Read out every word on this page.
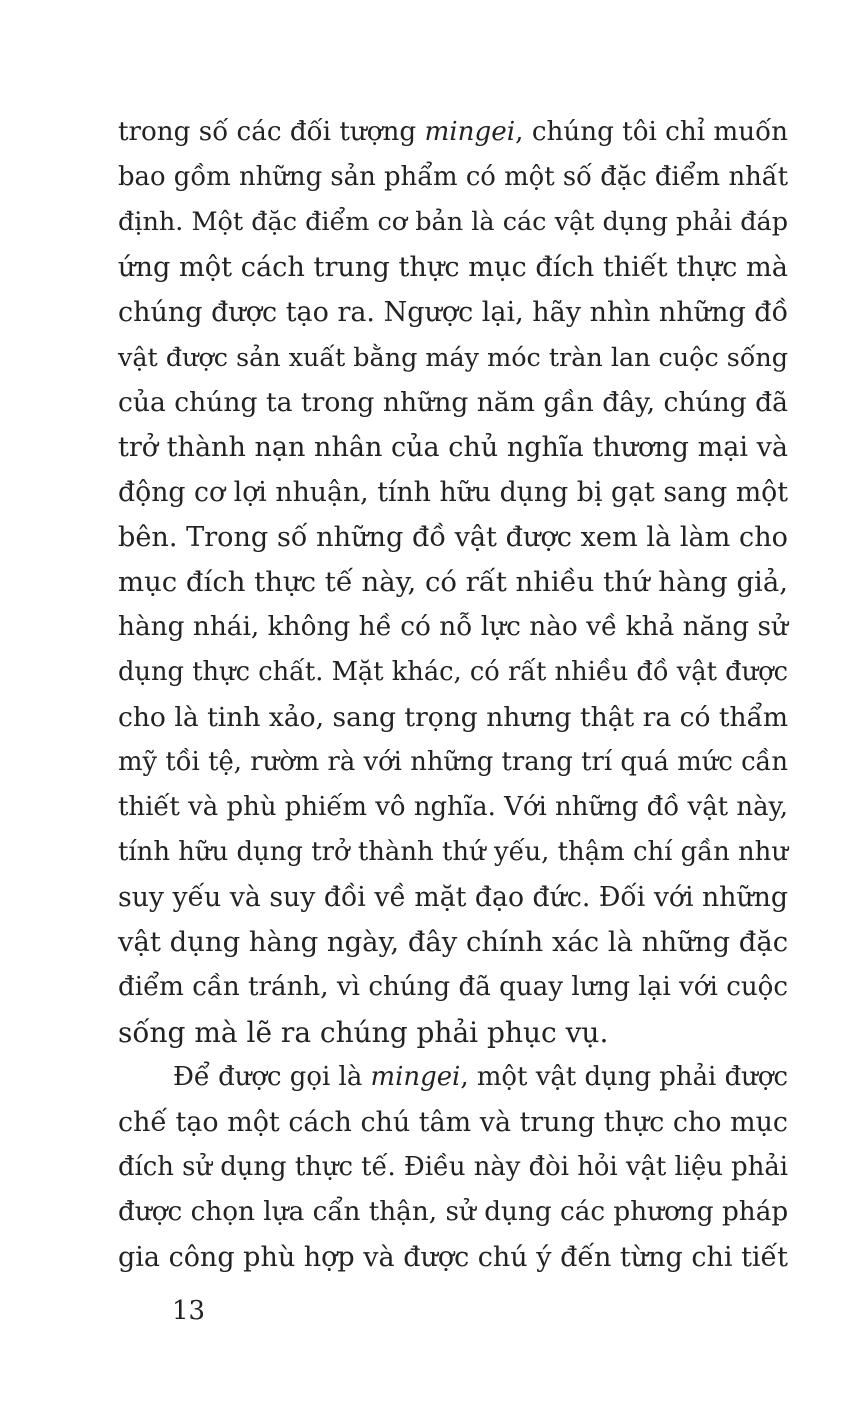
trong số các đối tượng mingei, chúng tôi chỉ muốn
bao gồm những sản phẩm có một số đặc điểm nhất
định. Một đặc điểm cơ bản là các vật dụng phải đáp
ứng một cách trung thực mục đích thiết thực mà
chúng được tạo ra. Ngược lại, hãy nhìn những đồ
vật được sản xuất bằng máy móc tràn lan cuộc sống
của chúng ta trong những năm gần đây, chúng đã
trở thành nạn nhân của chủ nghĩa thương mại và
động cơ lợi nhuận, tính hữu dụng bị gạt sang một
bên. Trong số những đồ vật được xem là làm cho
mục đích thực tế này, có rất nhiều thứ hàng giả,
hàng nhái, không hề có nỗ lực nào về khả năng sử
dụng thực chất. Mặt khác, có rất nhiều đồ vật được
cho là tinh xảo, sang trọng nhưng thật ra có thẩm
mỹ tồi tệ, rườm rà với những trang trí quá mức cần
thiết và phù phiếm vô nghĩa. Với những đồ vật này,
tính hữu dụng trở thành thứ yếu, thậm chí gần như
suy yếu và suy đồi về mặt đạo đức. Đối với những
vật dụng hàng ngày, đây chính xác là những đặc
điểm cần tránh, vì chúng đã quay lưng lại với cuộc
sống mà lẽ ra chúng phải phục vụ.
Để được gọi là mingei, một vật dụng phải được
chế tạo một cách chú tâm và trung thực cho mục
đích sử dụng thực tế. Điều này đòi hỏi vật liệu phải
được chọn lựa cẩn thận, sử dụng các phương pháp
gia công phù hợp và được chú ý đến từng chi tiết
13
